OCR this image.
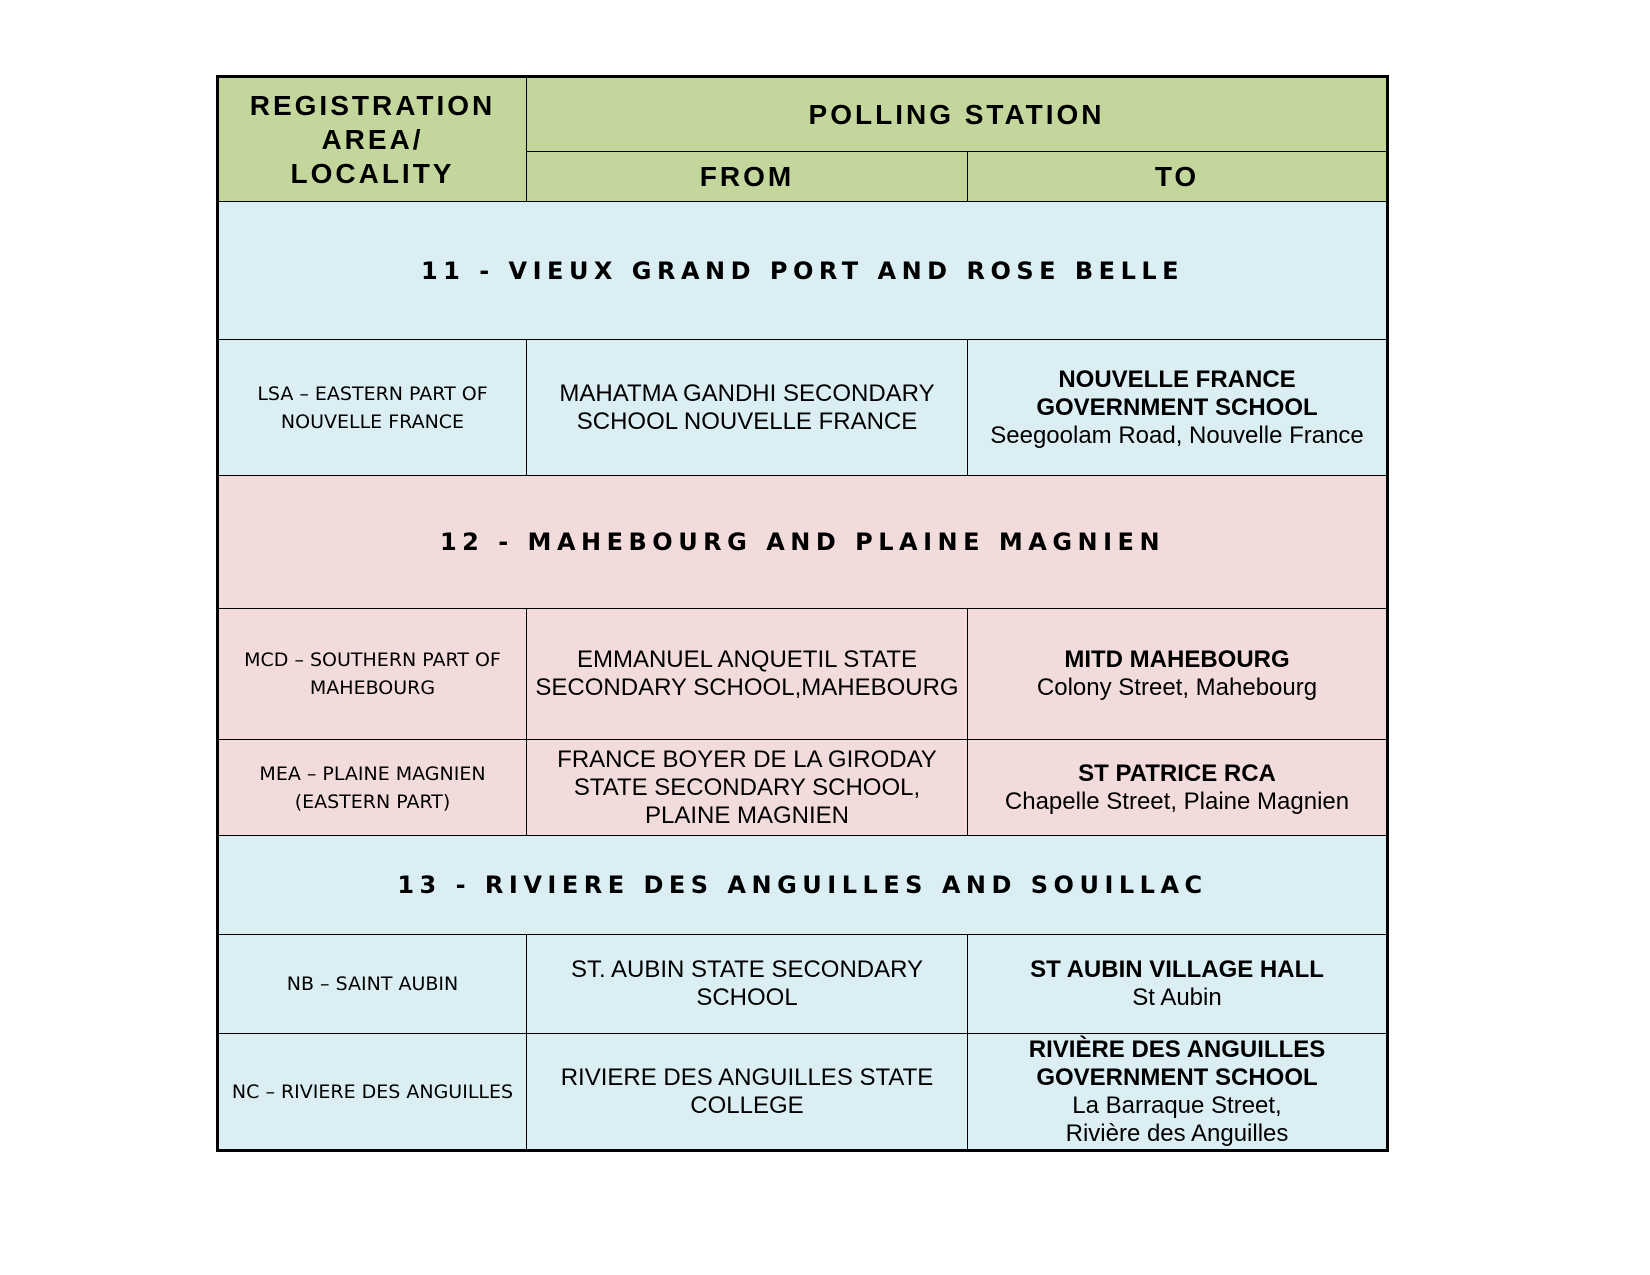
REGISTRATION AREA/ LOCALITY	POLLING STATION	
	FROM	TO
11 - VIEUX GRAND PORT AND ROSE BELLE		
LSA – EASTERN PART OF NOUVELLE FRANCE	MAHATMA GANDHI SECONDARY SCHOOL NOUVELLE FRANCE	NOUVELLE FRANCE GOVERNMENT SCHOOL
Seegoolam Road, Nouvelle France

12 - MAHEBOURG AND PLAINE MAGNIEN		
MCD – SOUTHERN PART OF MAHEBOURG	EMMANUEL ANQUETIL STATE SECONDARY SCHOOL,MAHEBOURG	MITD MAHEBOURG
Colony Street, Mahebourg

MEA – PLAINE MAGNIEN (EASTERN PART)	FRANCE BOYER DE LA GIRODAY STATE SECONDARY SCHOOL, PLAINE MAGNIEN	ST PATRICE RCA
Chapelle Street, Plaine Magnien

13 - RIVIERE DES ANGUILLES AND SOUILLAC		
NB – SAINT AUBIN	ST. AUBIN STATE SECONDARY SCHOOL	ST AUBIN VILLAGE HALL
St Aubin

NC – RIVIERE DES ANGUILLES	RIVIERE DES ANGUILLES STATE COLLEGE	RIVIÈRE DES ANGUILLES GOVERNMENT SCHOOL
La Barraque Street,
Rivière des Anguilles
